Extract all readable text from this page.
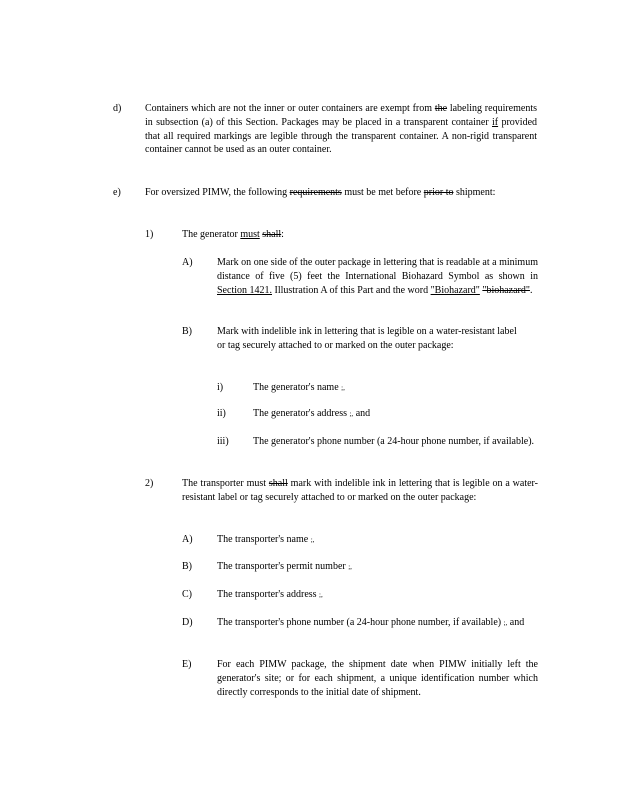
d) Containers which are not the inner or outer containers are exempt from the labeling requirements in subsection (a) of this Section. Packages may be placed in a transparent container if provided that all required markings are legible through the transparent container. A non-rigid transparent container cannot be used as an outer container.

e) For oversized PIMW, the following requirements must be met before prior to shipment:

1)	The generator must shall:

A) Mark on one side of the outer package in lettering that is readable at a minimum distance of five (5) feet the International Biohazard Symbol as shown in Section 1421. Illustration A of this Part and the word "Biohazard" "biohazard".

B)	Mark with indelible ink in lettering that is legible on a water-resistant label or tag securely attached to or marked on the outer package:

i)	The generator's name ;,

ii)	The generator's address ;, and

iii) The generator's phone number (a 24-hour phone number, if available).

2)	The transporter must shall mark with indelible ink in lettering that is legible on a water-resistant label or tag securely attached to or marked on the outer package:

A) The transporter's name ;,

B)	The transporter's permit number ;,

C)	The transporter's address ;,

D) The transporter's phone number (a 24-hour phone number, if available) ;, and

E)	For each PIMW package, the shipment date when PIMW initially left the generator's site; or for each shipment, a unique identification number which directly corresponds to the initial date of shipment.
